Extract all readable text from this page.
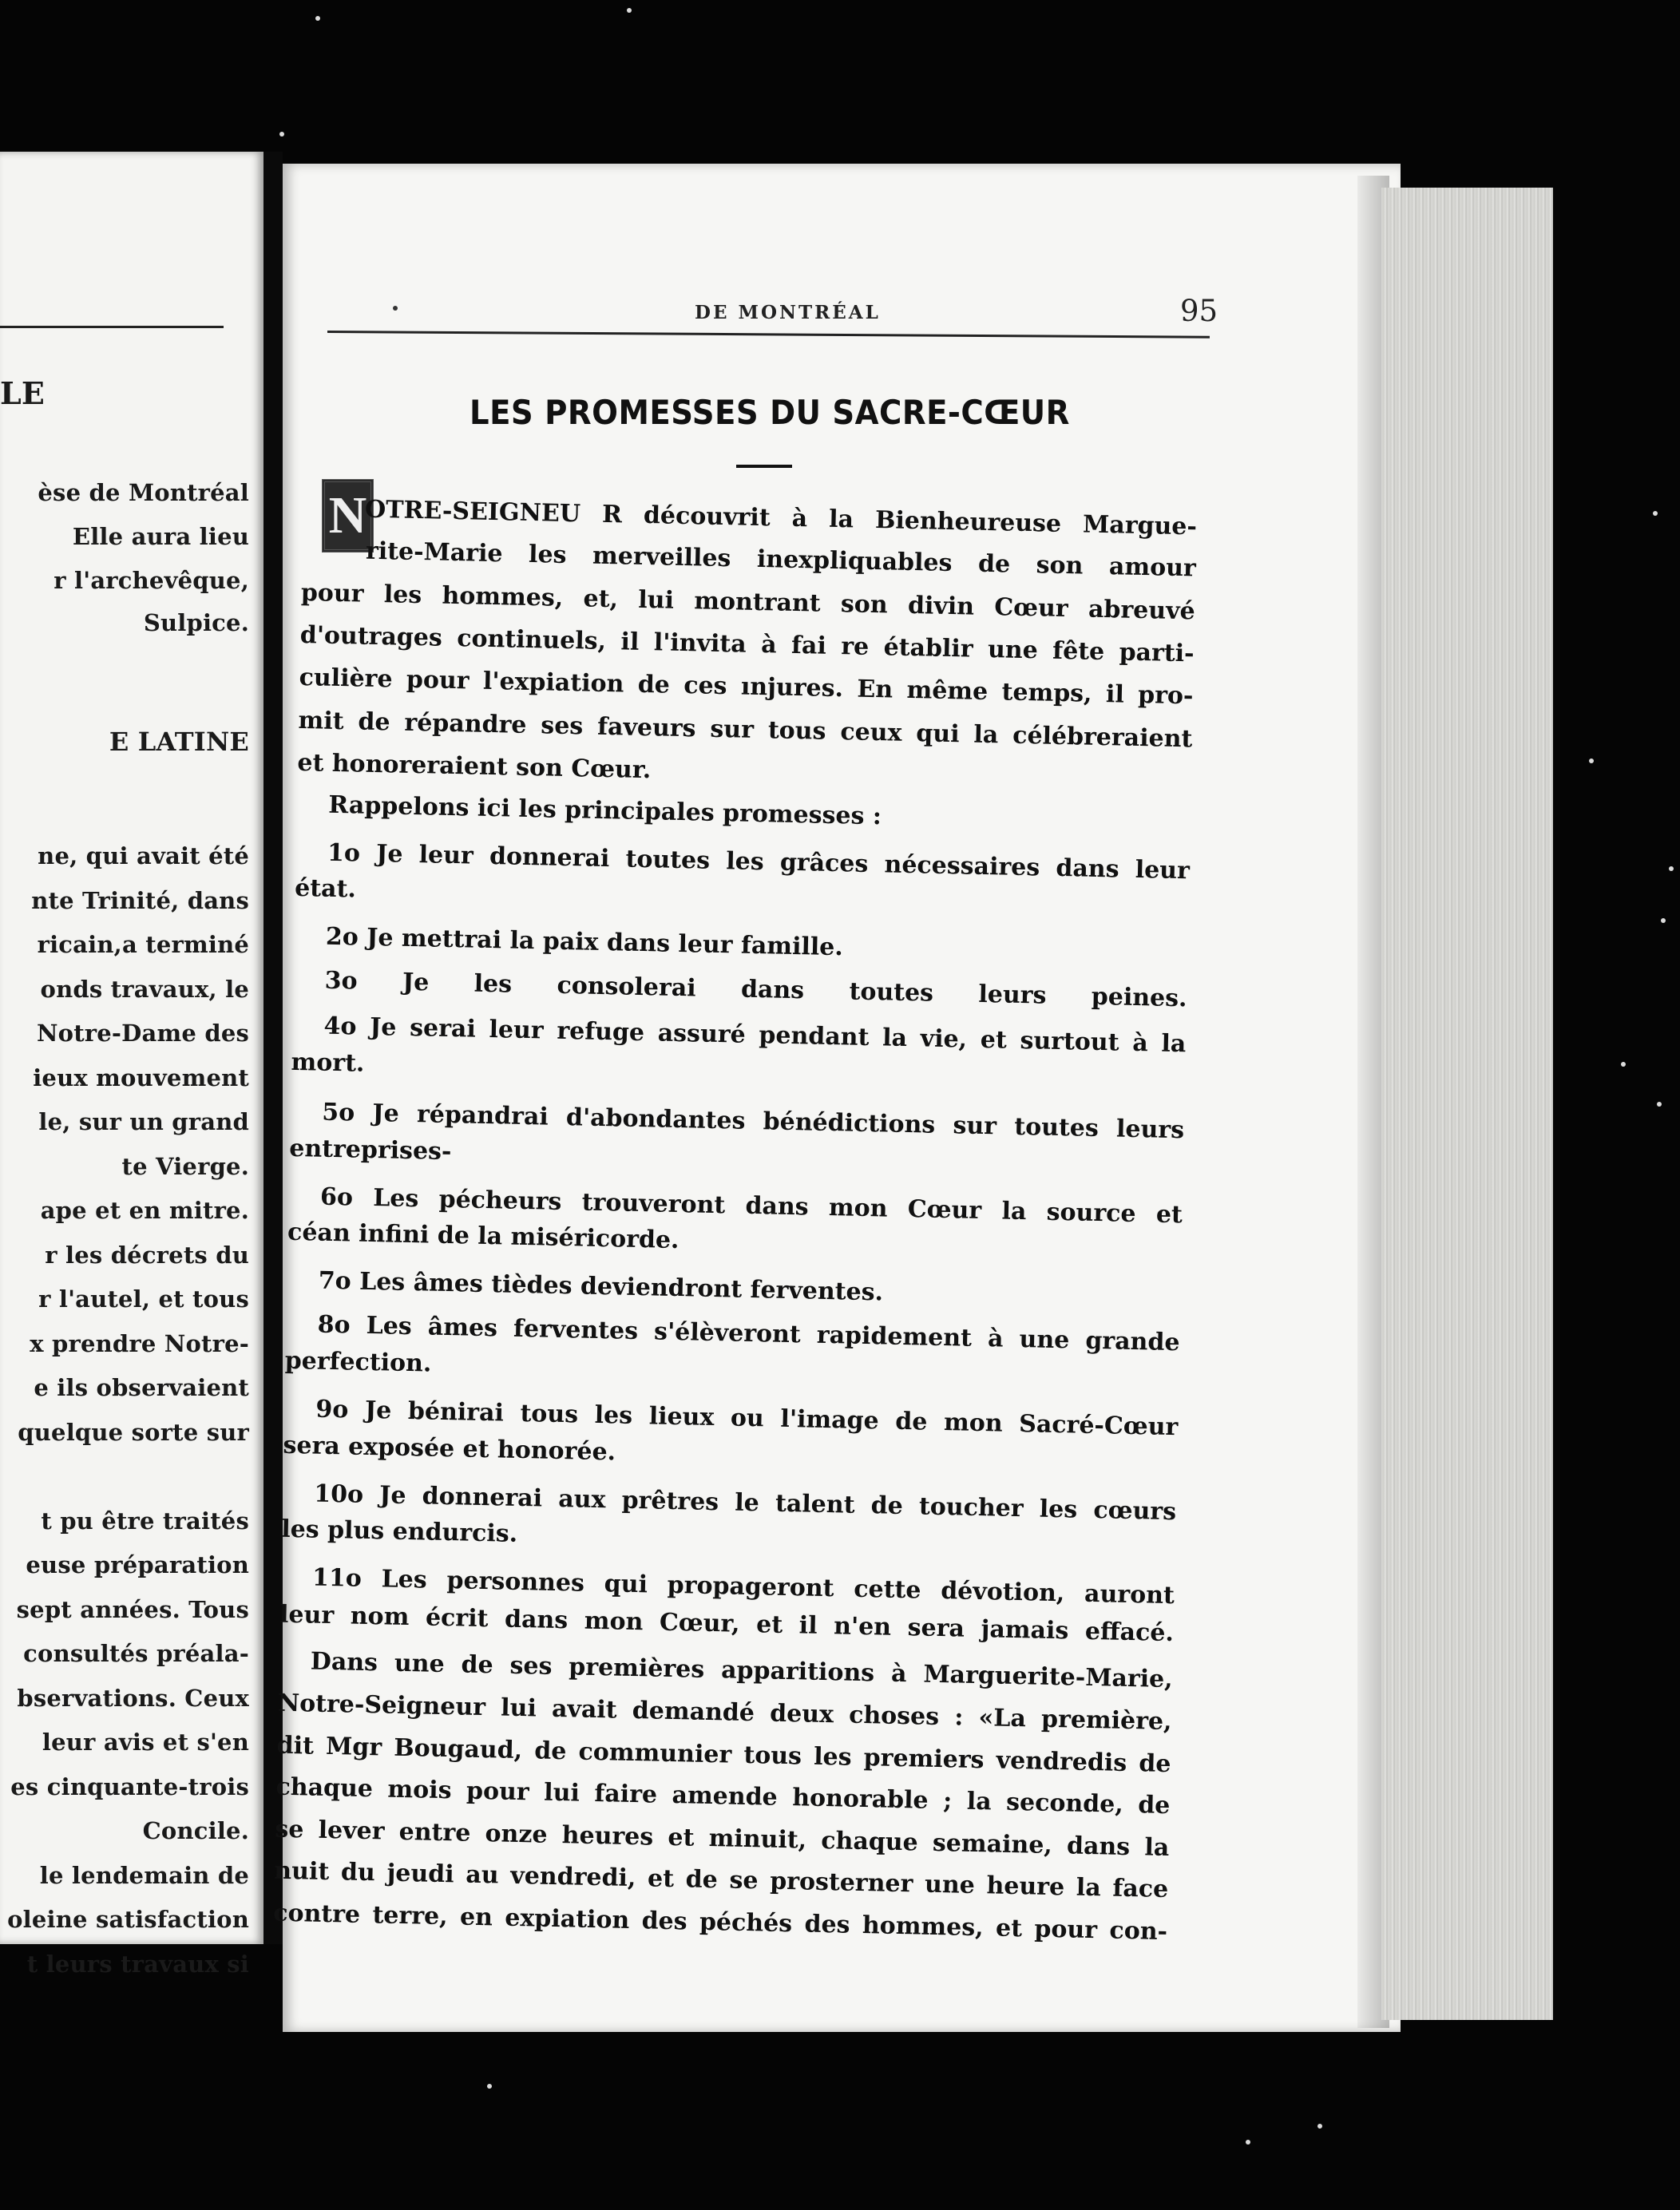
LE
èse de Montréal
Elle aura lieu
r l'archevêque,
Sulpice.
E LATINE
ne, qui avait été
nte Trinité, dans
ricain,a terminé
onds travaux, le
Notre-Dame des
ieux mouvement
le, sur un grand
te Vierge.
ape et en mitre.
r les décrets du
r l'autel, et tous
x prendre Notre-
e ils observaient
quelque sorte sur
t pu être traités
euse préparation
sept années. Tous
consultés préala-
bservations. Ceux
leur avis et s'en
es cinquante-trois
Concile.
le lendemain de
oleine satisfaction
t leurs travaux si
DE MONTRÉAL	95
LES PROMESSES DU SACRE-CŒUR
N
OTRE-SEIGNEU R découvrit à la Bienheureuse Margue-
rite-Marie les merveilles inexpliquables de son amour
pour les hommes, et, lui montrant son divin Cœur abreuvé
d'outrages continuels, il l'invita à fai re établir une fête parti-
culière pour l'expiation de ces ınjures. En même temps, il pro-
mit de répandre ses faveurs sur tous ceux qui la célébreraient
et honoreraient son Cœur.
Rappelons ici les principales promesses :
1o Je leur donnerai toutes les grâces nécessaires dans leur
état.
2o Je mettrai la paix dans leur famille.
3o Je les consolerai dans toutes leurs peines.
4o Je serai leur refuge assuré pendant la vie, et surtout à la
mort.
5o Je répandrai d'abondantes bénédictions sur toutes leurs
entreprises-
6o Les pécheurs trouveront dans mon Cœur la source et
céan infini de la miséricorde.
7o Les âmes tièdes deviendront ferventes.
8o Les âmes ferventes s'élèveront rapidement à une grande
perfection.
9o Je bénirai tous les lieux ou l'image de mon Sacré-Cœur
sera exposée et honorée.
10o Je donnerai aux prêtres le talent de toucher les cœurs
les plus endurcis.
11o Les personnes qui propageront cette dévotion, auront
leur nom écrit dans mon Cœur, et il n'en sera jamais effacé.
Dans une de ses premières apparitions à Marguerite-Marie,
Notre-Seigneur lui avait demandé deux choses : «La première,
dit Mgr Bougaud, de communier tous les premiers vendredis de
chaque mois pour lui faire amende honorable ; la seconde, de
se lever entre onze heures et minuit, chaque semaine, dans la
nuit du jeudi au vendredi, et de se prosterner une heure la face
contre terre, en expiation des péchés des hommes, et pour con-
